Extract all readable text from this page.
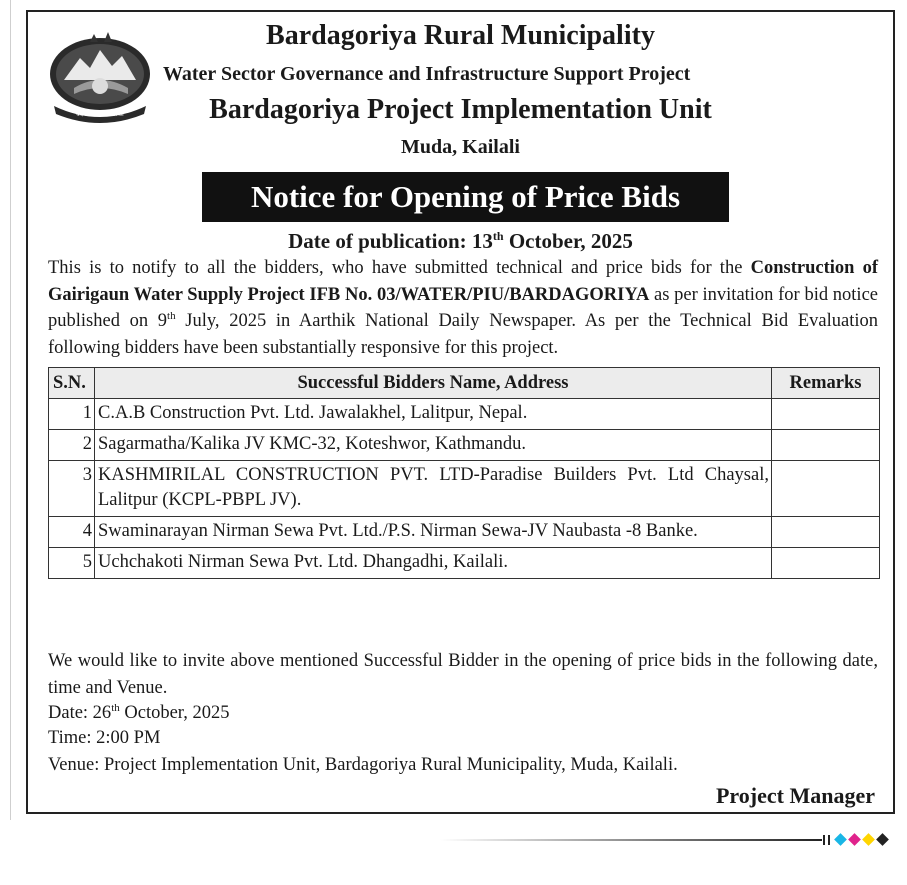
बर्दगोरिया गाउँपालिका
Bardagoriya Rural Municipality
Water Sector Governance and Infrastructure Support Project
Bardagoriya Project Implementation Unit
Muda, Kailali
Notice for Opening of Price Bids
Date of publication: 13th October, 2025
This is to notify to all the bidders, who have submitted technical and price bids for the Construction of Gairigaun Water Supply Project IFB No. 03/WATER/PIU/BARDAGORIYA as per invitation for bid notice published on 9th July, 2025 in Aarthik National Daily Newspaper. As per the Technical Bid Evaluation following bidders have been substantially responsive for this project.
S.N.	Successful Bidders Name, Address	Remarks
1	C.A.B Construction Pvt. Ltd. Jawalakhel, Lalitpur, Nepal.	
2	Sagarmatha/Kalika JV KMC-32, Koteshwor, Kathmandu.	
3	KASHMIRILAL CONSTRUCTION PVT. LTD-Paradise Builders Pvt. Ltd Chaysal, Lalitpur (KCPL-PBPL JV).	
4	Swaminarayan Nirman Sewa Pvt. Ltd./P.S. Nirman Sewa-JV Naubasta -8 Banke.	
5	Uchchakoti Nirman Sewa Pvt. Ltd. Dhangadhi, Kailali.	
We would like to invite above mentioned Successful Bidder in the opening of price bids in the following date, time and Venue.
Date: 26th October, 2025
Time: 2:00 PM
Venue: Project Implementation Unit, Bardagoriya Rural Municipality, Muda, Kailali.
Project Manager
